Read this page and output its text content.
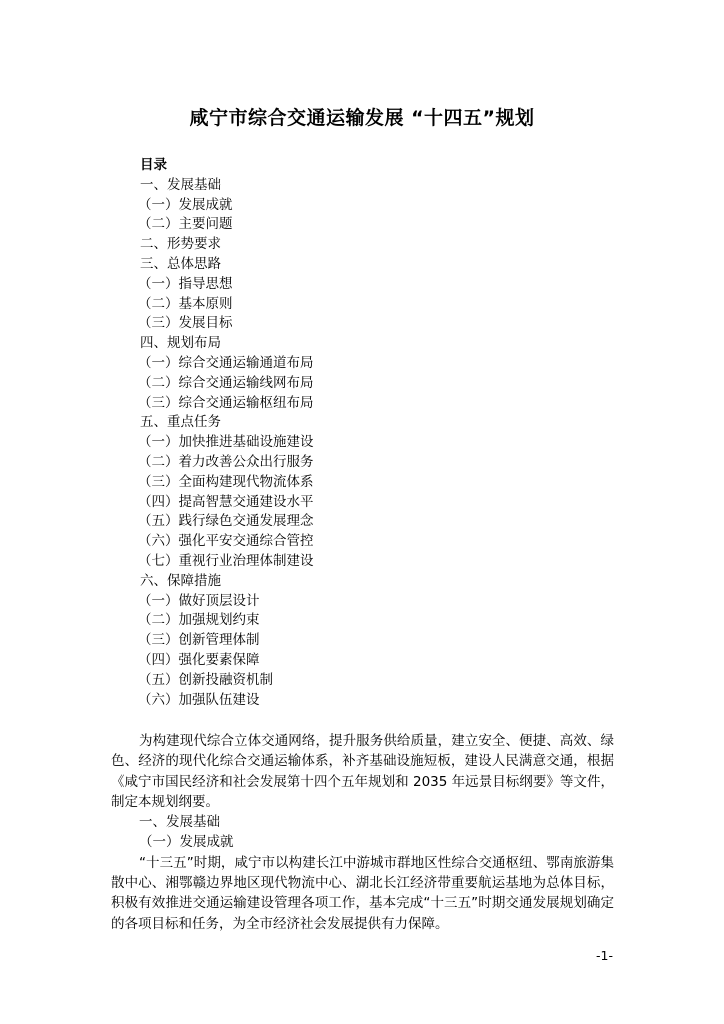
咸宁市综合交通运输发展 “十四五”规划
目录
一、发展基础
（一）发展成就
（二）主要问题
二、形势要求
三、总体思路
（一）指导思想
（二）基本原则
（三）发展目标
四、规划布局
（一）综合交通运输通道布局
（二）综合交通运输线网布局
（三）综合交通运输枢纽布局
五、重点任务
（一）加快推进基础设施建设
（二）着力改善公众出行服务
（三）全面构建现代物流体系
（四）提高智慧交通建设水平
（五）践行绿色交通发展理念
（六）强化平安交通综合管控
（七）重视行业治理体制建设
六、保障措施
（一）做好顶层设计
（二）加强规划约束
（三）创新管理体制
（四）强化要素保障
（五）创新投融资机制
（六）加强队伍建设

为构建现代综合立体交通网络，提升服务供给质量，建立安全、便捷、高效、绿色、经济的现代化综合交通运输体系，补齐基础设施短板，建设人民满意交通，根据《咸宁市国民经济和社会发展第十四个五年规划和 2035 年远景目标纲要》等文件，制定本规划纲要。

一、发展基础

（一）发展成就

“十三五”时期，咸宁市以构建长江中游城市群地区性综合交通枢纽、鄂南旅游集散中心、湘鄂赣边界地区现代物流中心、湖北长江经济带重要航运基地为总体目标，积极有效推进交通运输建设管理各项工作，基本完成“十三五”时期交通发展规划确定的各项目标和任务，为全市经济社会发展提供有力保障。

-1-
